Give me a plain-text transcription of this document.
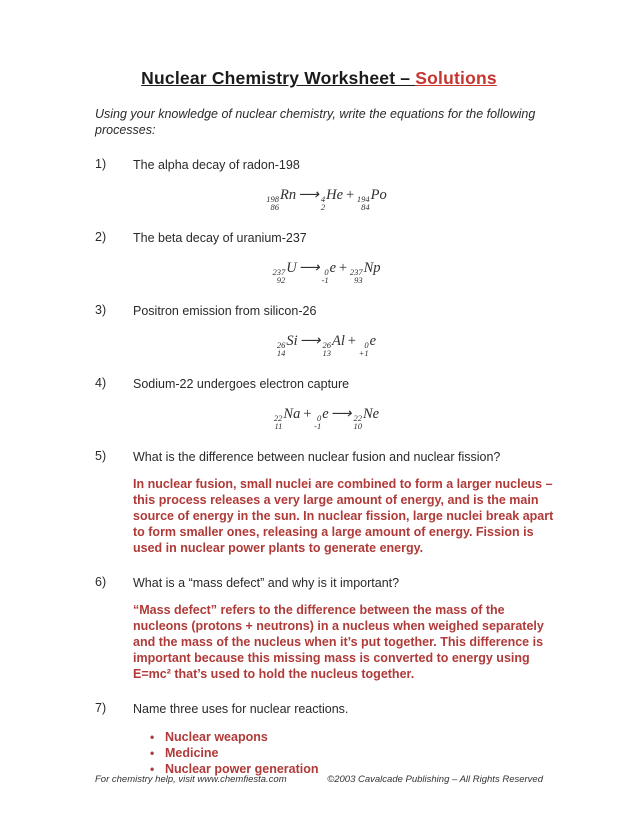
Nuclear Chemistry Worksheet – Solutions

Using your knowledge of nuclear chemistry, write the equations for the following processes:

1)	The alpha decay of radon-198
198
86
Rn ⟶ 4
2
He + 194
84
Po
2)	The beta decay of uranium-237
237
92
U ⟶ 0
-1
e + 237
93
Np
3)	Positron emission from silicon-26
26
14
Si ⟶ 26
13
Al + 0
+1
e
4)	Sodium-22 undergoes electron capture
22
11
Na + 0
-1
e ⟶ 22
10
Ne
5)	What is the difference between nuclear fusion and nuclear fission?
In nuclear fusion, small nuclei are combined to form a larger nucleus – this process releases a very large amount of energy, and is the main source of energy in the sun. In nuclear fission, large nuclei break apart to form smaller ones, releasing a large amount of energy. Fission is used in nuclear power plants to generate energy.
6)	What is a “mass defect” and why is it important?
“Mass defect” refers to the difference between the mass of the nucleons (protons + neutrons) in a nucleus when weighed separately and the mass of the nucleus when it’s put together. This difference is important because this missing mass is converted to energy using E=mc² that’s used to hold the nucleus together.
7)	Name three uses for nuclear reactions.
• Nuclear weapons
• Medicine
• Nuclear power generation
For chemistry help, visit www.chemfiesta.com	©2003 Cavalcade Publishing – All Rights Reserved
